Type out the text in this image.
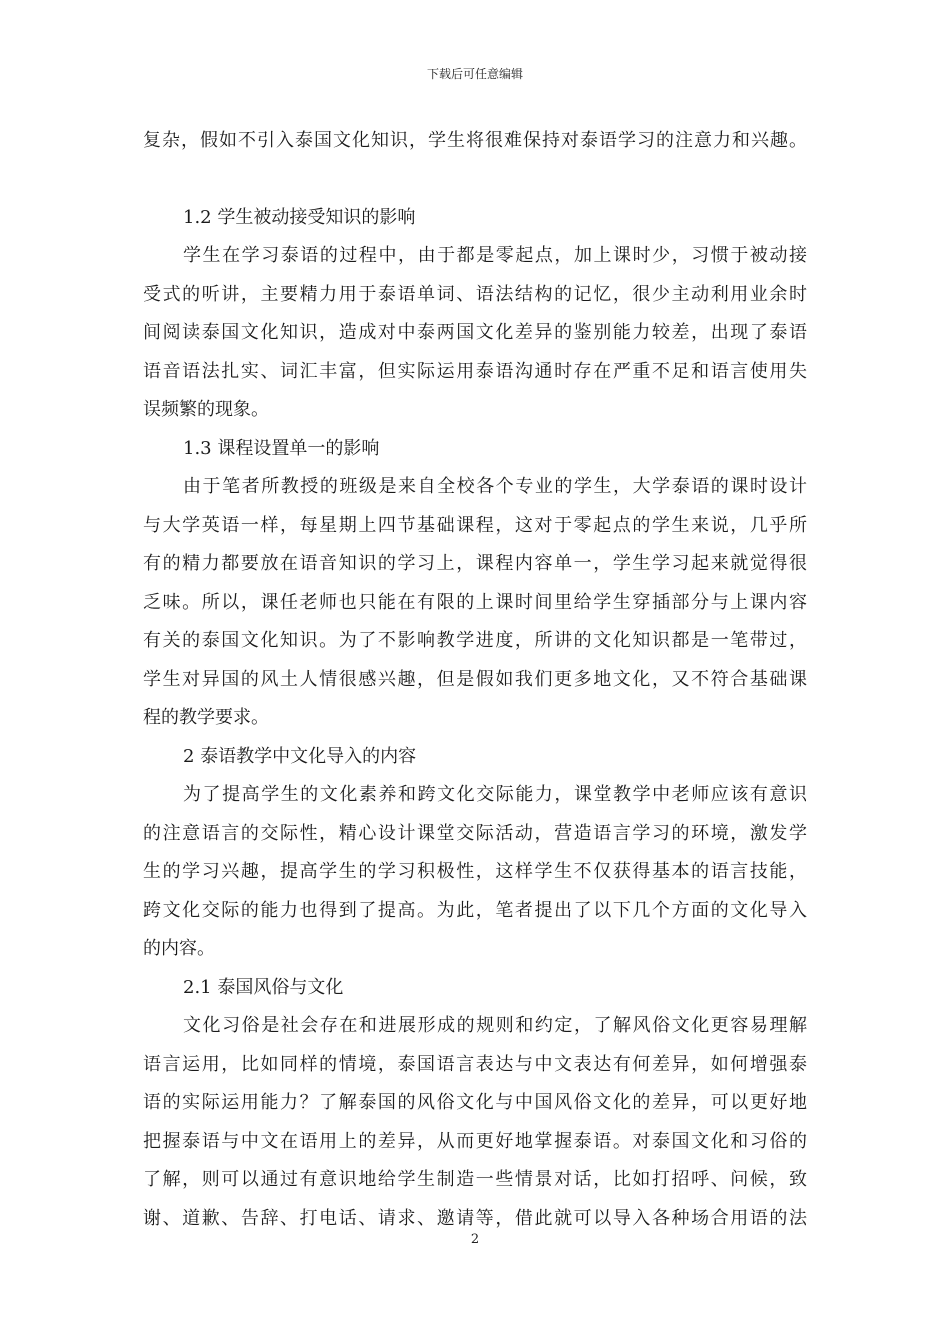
下载后可任意编辑
复杂，假如不引入泰国文化知识，学生将很难保持对泰语学习的注意力和兴趣。
1.2 学生被动接受知识的影响
学生在学习泰语的过程中，由于都是零起点，加上课时少，习惯于被动接
受式的听讲，主要精力用于泰语单词、语法结构的记忆，很少主动利用业余时
间阅读泰国文化知识，造成对中泰两国文化差异的鉴别能力较差，出现了泰语
语音语法扎实、词汇丰富，但实际运用泰语沟通时存在严重不足和语言使用失
误频繁的现象。
1.3 课程设置单一的影响
由于笔者所教授的班级是来自全校各个专业的学生，大学泰语的课时设计
与大学英语一样，每星期上四节基础课程，这对于零起点的学生来说，几乎所
有的精力都要放在语音知识的学习上，课程内容单一，学生学习起来就觉得很
乏味。所以，课任老师也只能在有限的上课时间里给学生穿插部分与上课内容
有关的泰国文化知识。为了不影响教学进度，所讲的文化知识都是一笔带过，
学生对异国的风土人情很感兴趣，但是假如我们更多地文化，又不符合基础课
程的教学要求。
2 泰语教学中文化导入的内容
为了提高学生的文化素养和跨文化交际能力，课堂教学中老师应该有意识
的注意语言的交际性，精心设计课堂交际活动，营造语言学习的环境，激发学
生的学习兴趣，提高学生的学习积极性，这样学生不仅获得基本的语言技能，
跨文化交际的能力也得到了提高。为此，笔者提出了以下几个方面的文化导入
的内容。
2.1 泰国风俗与文化
文化习俗是社会存在和进展形成的规则和约定，了解风俗文化更容易理解
语言运用，比如同样的情境，泰国语言表达与中文表达有何差异，如何增强泰
语的实际运用能力？了解泰国的风俗文化与中国风俗文化的差异，可以更好地
把握泰语与中文在语用上的差异，从而更好地掌握泰语。对泰国文化和习俗的
了解，则可以通过有意识地给学生制造一些情景对话，比如打招呼、问候，致
谢、道歉、告辞、打电话、请求、邀请等，借此就可以导入各种场合用语的法
2
